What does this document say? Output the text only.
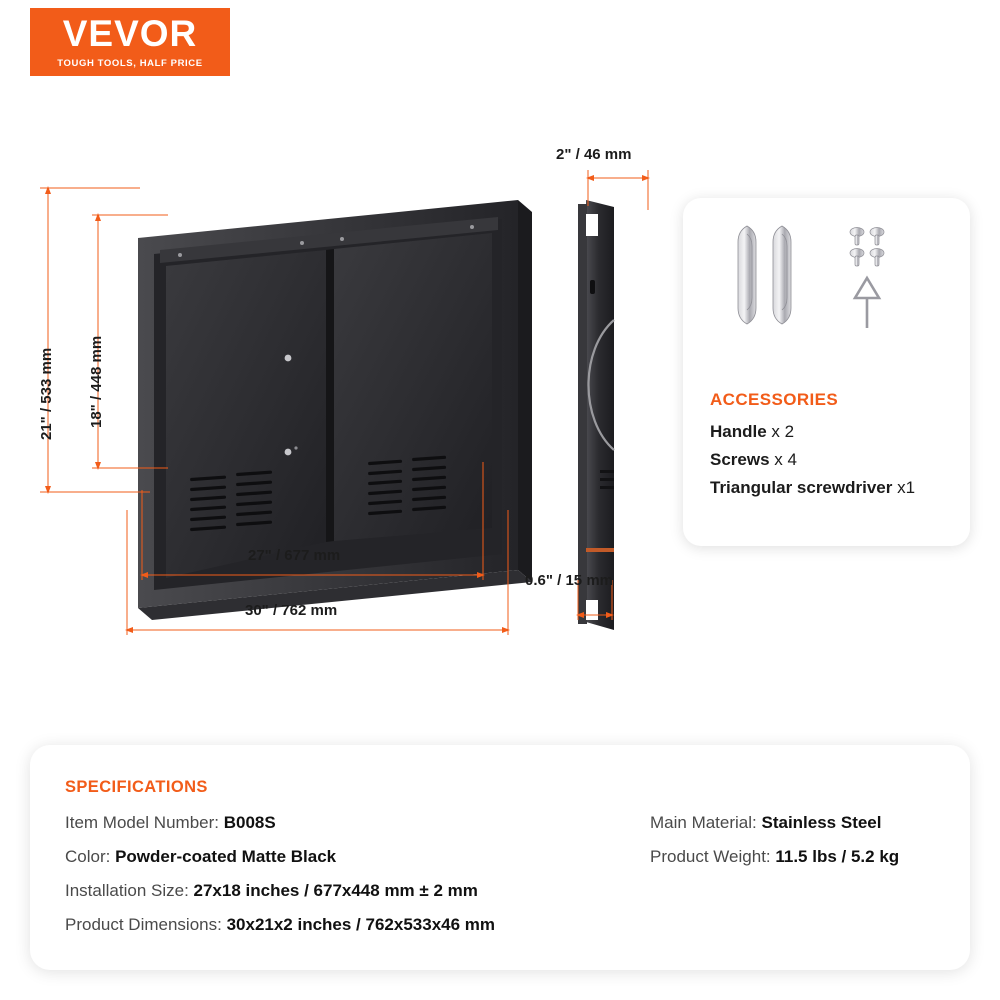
VEVOR
TOUGH TOOLS, HALF PRICE
21" / 533 mm 18" / 448 mm
27" / 677 mm
30" / 762 mm
2" / 46 mm
0.6" / 15 mm
ACCESSORIES
Handle x 2
Screws x 4
Triangular screwdriver x1
SPECIFICATIONS
Item Model Number: B008S
Color: Powder-coated Matte Black
Installation Size: 27x18 inches / 677x448 mm ± 2 mm
Product Dimensions: 30x21x2 inches / 762x533x46 mm
Main Material: Stainless Steel
Product Weight: 11.5 lbs / 5.2 kg
